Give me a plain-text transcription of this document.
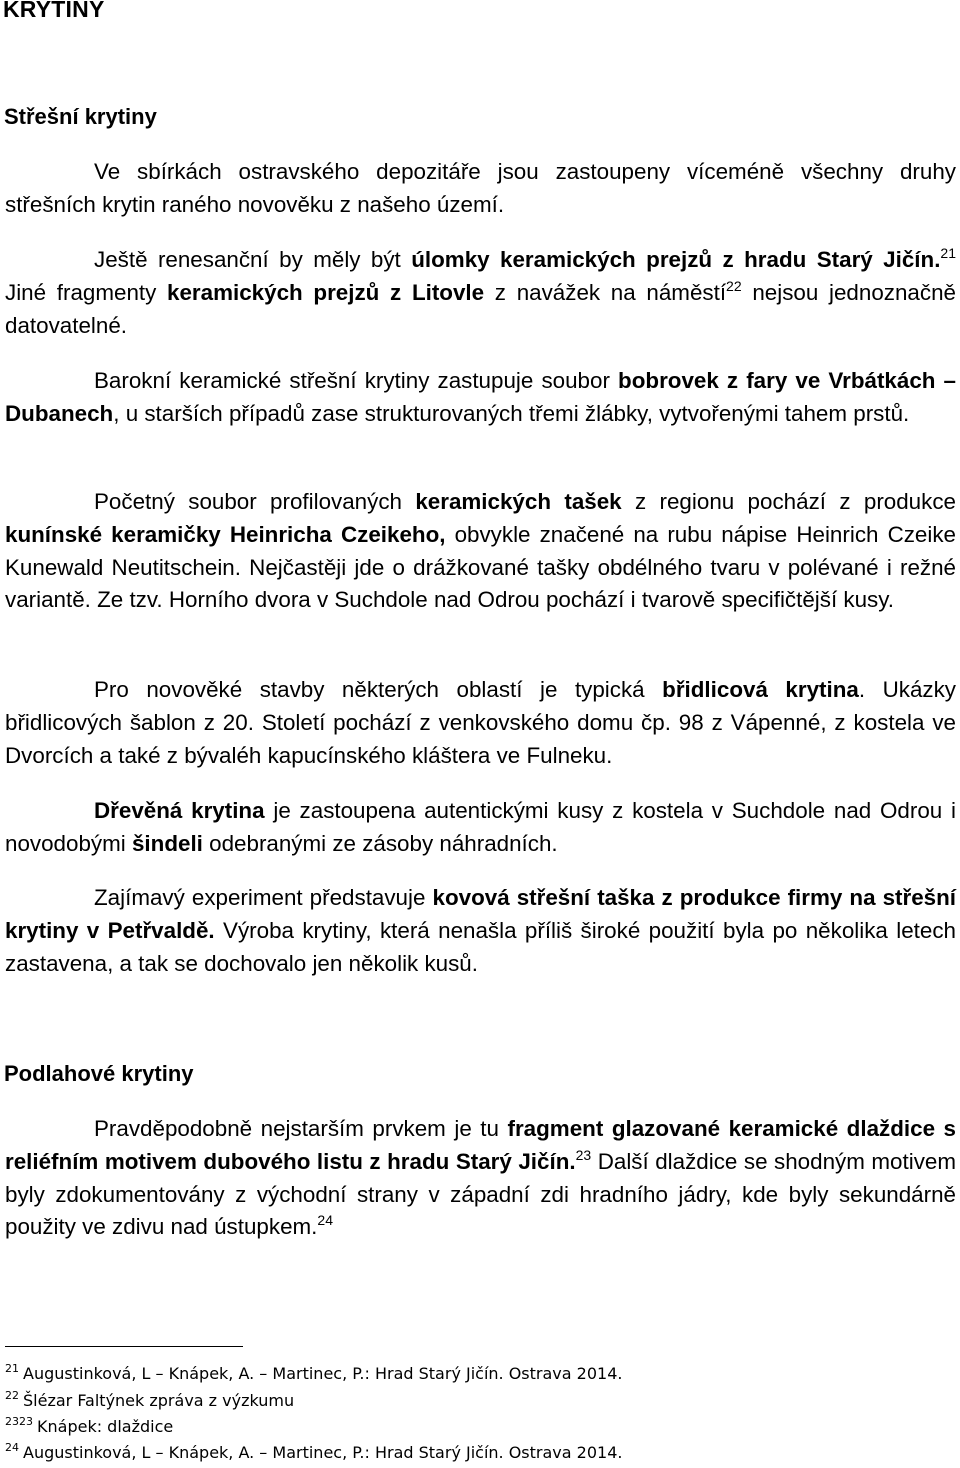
KRYTINY
Střešní krytiny

Ve sbírkách ostravského depozitáře jsou zastoupeny víceméně všechny druhy střešních krytin raného novověku z našeho území.

Ještě renesanční by měly být úlomky keramických prejzů z hradu Starý Jičín.$^{21}$ Jiné fragmenty keramických prejzů z Litovle z navážek na náměstí$^{22}$ nejsou jednoznačně datovatelné.

Barokní keramické střešní krytiny zastupuje soubor bobrovek z fary ve Vrbátkách – Dubanech, u starších případů zase strukturovaných třemi žlábky, vytvořenými tahem prstů.

Početný soubor profilovaných keramických tašek z regionu pochází z produkce kunínské keramičky Heinricha Czeikeho, obvykle značené na rubu nápise Heinrich Czeike Kunewald Neutitschein. Nejčastěji jde o drážkované tašky obdélného tvaru v polévané i režné variantě. Ze tzv. Horního dvora v Suchdole nad Odrou pochází i tvarově specifičtější kusy.

Pro novověké stavby některých oblastí je typická břidlicová krytina. Ukázky břidlicových šablon z 20. Století pochází z venkovského domu čp. 98 z Vápenné, z kostela ve Dvorcích a také z býval​éh kapucínského kláštera ve Fulneku.

Dřevěná krytina je zastoupena autentickými kusy z kostela v Suchdole nad Odrou i novodobými šindeli odebranými ze zásoby náhradních.

Zajímavý experiment představuje kovová střešní taška z produkce firmy na střešní krytiny v Petřvaldě. Výroba krytiny, která nenašla příliš široké použití byla po několika letech zastavena, a tak se dochovalo jen několik kusů.

Podlahové krytiny

Pravděpodobně nejstarším prvkem je tu fragment glazované keramické dlaždice s reliéfním motivem dubového listu z hradu Starý Jičín.$^{23}$ Další dlaždice se shodným motivem byly zdokumentovány z východní strany v západní zdi hradního jádry, kde byly sekundárně použity ve zdivu nad ústupkem.$^{24}$

$^{21}$ Augustinková, L – Knápek, A. – Martinec, P.: Hrad Starý Jičín. Ostrava 2014.
$^{22}$ Šlézar Faltýnek zpráva z výzkumu
$^{2323}$ Knápek: dlaždice
$^{24}$ Augustinková, L – Knápek, A. – Martinec, P.: Hrad Starý Jičín. Ostrava 2014.
